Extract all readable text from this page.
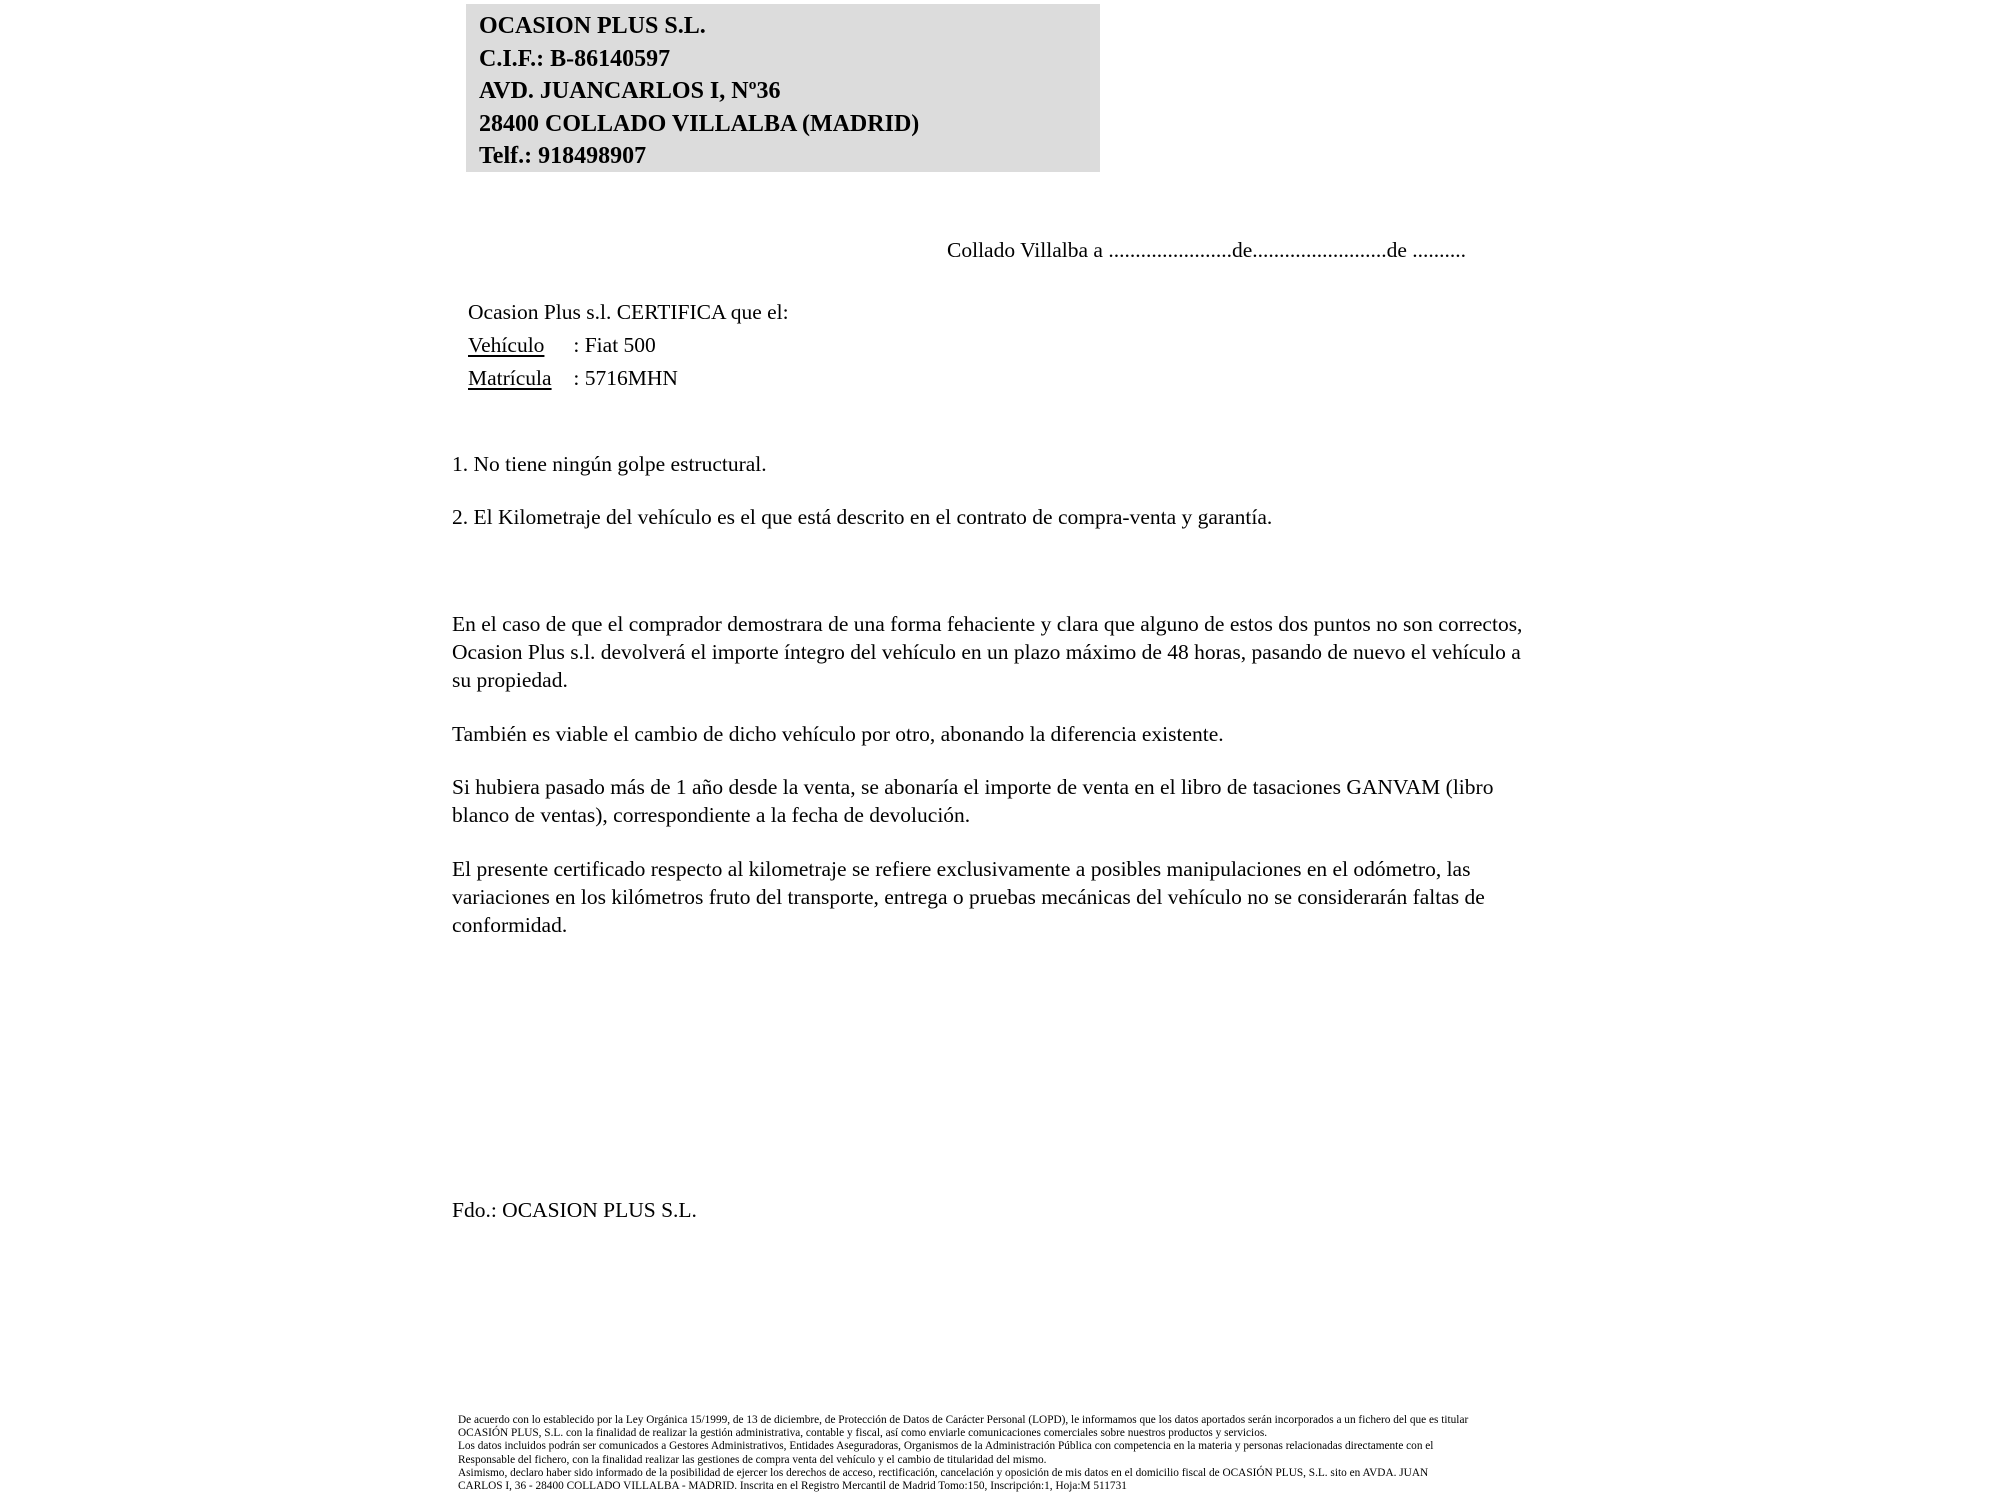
OCASION PLUS S.L.
C.I.F.: B-86140597
AVD. JUANCARLOS I, Nº36
28400 COLLADO VILLALBA (MADRID)
Telf.: 918498907
Collado Villalba a .......................de.........................de ..........
Ocasion Plus s.l. CERTIFICA que el:
Vehículo : Fiat 500
Matrícula : 5716MHN
1. No tiene ningún golpe estructural.
2. El Kilometraje del vehículo es el que está descrito en el contrato de compra-venta y garantía.
En el caso de que el comprador demostrara de una forma fehaciente y clara que alguno de estos dos puntos no son correctos, Ocasion Plus s.l. devolverá el importe íntegro del vehículo en un plazo máximo de 48 horas, pasando de nuevo el vehículo a su propiedad.
También es viable el cambio de dicho vehículo por otro, abonando la diferencia existente.
Si hubiera pasado más de 1 año desde la venta, se abonaría el importe de venta en el libro de tasaciones GANVAM (libro blanco de ventas), correspondiente a la fecha de devolución.
El presente certificado respecto al kilometraje se refiere exclusivamente a posibles manipulaciones en el odómetro, las variaciones en los kilómetros fruto del transporte, entrega o pruebas mecánicas del vehículo no se considerarán faltas de conformidad.
Fdo.: OCASION PLUS S.L.
De acuerdo con lo establecido por la Ley Orgánica 15/1999, de 13 de diciembre, de Protección de Datos de Carácter Personal (LOPD), le informamos que los datos aportados serán incorporados a un fichero del que es titular
OCASIÓN PLUS, S.L. con la finalidad de realizar la gestión administrativa, contable y fiscal, así como enviarle comunicaciones comerciales sobre nuestros productos y servicios.
Los datos incluidos podrán ser comunicados a Gestores Administrativos, Entidades Aseguradoras, Organismos de la Administración Pública con competencia en la materia y personas relacionadas directamente con el
Responsable del fichero, con la finalidad realizar las gestiones de compra venta del vehículo y el cambio de titularidad del mismo.
Asimismo, declaro haber sido informado de la posibilidad de ejercer los derechos de acceso, rectificación, cancelación y oposición de mis datos en el domicilio fiscal de OCASIÓN PLUS, S.L. sito en AVDA. JUAN
CARLOS I, 36 - 28400 COLLADO VILLALBA - MADRID. Inscrita en el Registro Mercantil de Madrid Tomo:150, Inscripción:1, Hoja:M 511731
